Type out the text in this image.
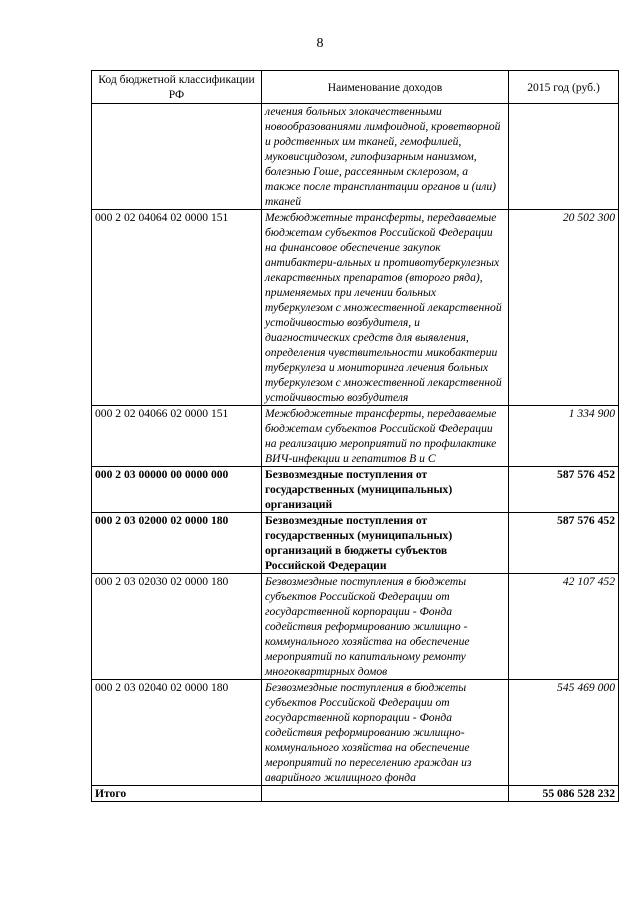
8
Код бюджетной классификации РФ	Наименование доходов	2015 год (руб.)
	лечения больных злокачественными новообразованиями лимфоидной, кроветворной и родственных им тканей, гемофилией, муковисцидозом, гипофизарным нанизмом, болезнью Гоше, рассеянным склерозом, а также после трансплантации органов и (или) тканей	
000 2 02 04064 02 0000 151	Межбюджетные трансферты, передаваемые бюджетам субъектов Российской Федерации на финансовое обеспечение закупок антибактери-альных и противотуберкулезных лекарственных препаратов (второго ряда), применяемых при лечении больных туберкулезом с множественной лекарственной устойчивостью возбудителя, и диагностических средств для выявления, определения чувствительности микобактерии туберкулеза и мониторинга лечения больных туберкулезом с множественной лекарственной устойчивостью возбудителя	20 502 300
000 2 02 04066 02 0000 151	Межбюджетные трансферты, передаваемые бюджетам субъектов Российской Федерации на реализацию мероприятий по профилактике ВИЧ-инфекции и гепатитов В и С	1 334 900
000 2 03 00000 00 0000 000	Безвозмездные поступления от государственных (муниципальных) организаций	587 576 452
000 2 03 02000 02 0000 180	Безвозмездные поступления от государственных (муниципальных) организаций в бюджеты субъектов Российской Федерации	587 576 452
000 2 03 02030 02 0000 180	Безвозмездные поступления в бюджеты субъектов Российской Федерации от государственной корпорации - Фонда содействия реформированию жилищно - коммунального хозяйства на обеспечение мероприятий по капитальному ремонту многоквартирных домов	42 107 452
000 2 03 02040 02 0000 180	Безвозмездные поступления в бюджеты субъектов Российской Федерации от государственной корпорации - Фонда содействия реформированию жилищно-коммунального хозяйства на обеспечение мероприятий по переселению граждан из аварийного жилищного фонда	545 469 000
Итого		55 086 528 232
